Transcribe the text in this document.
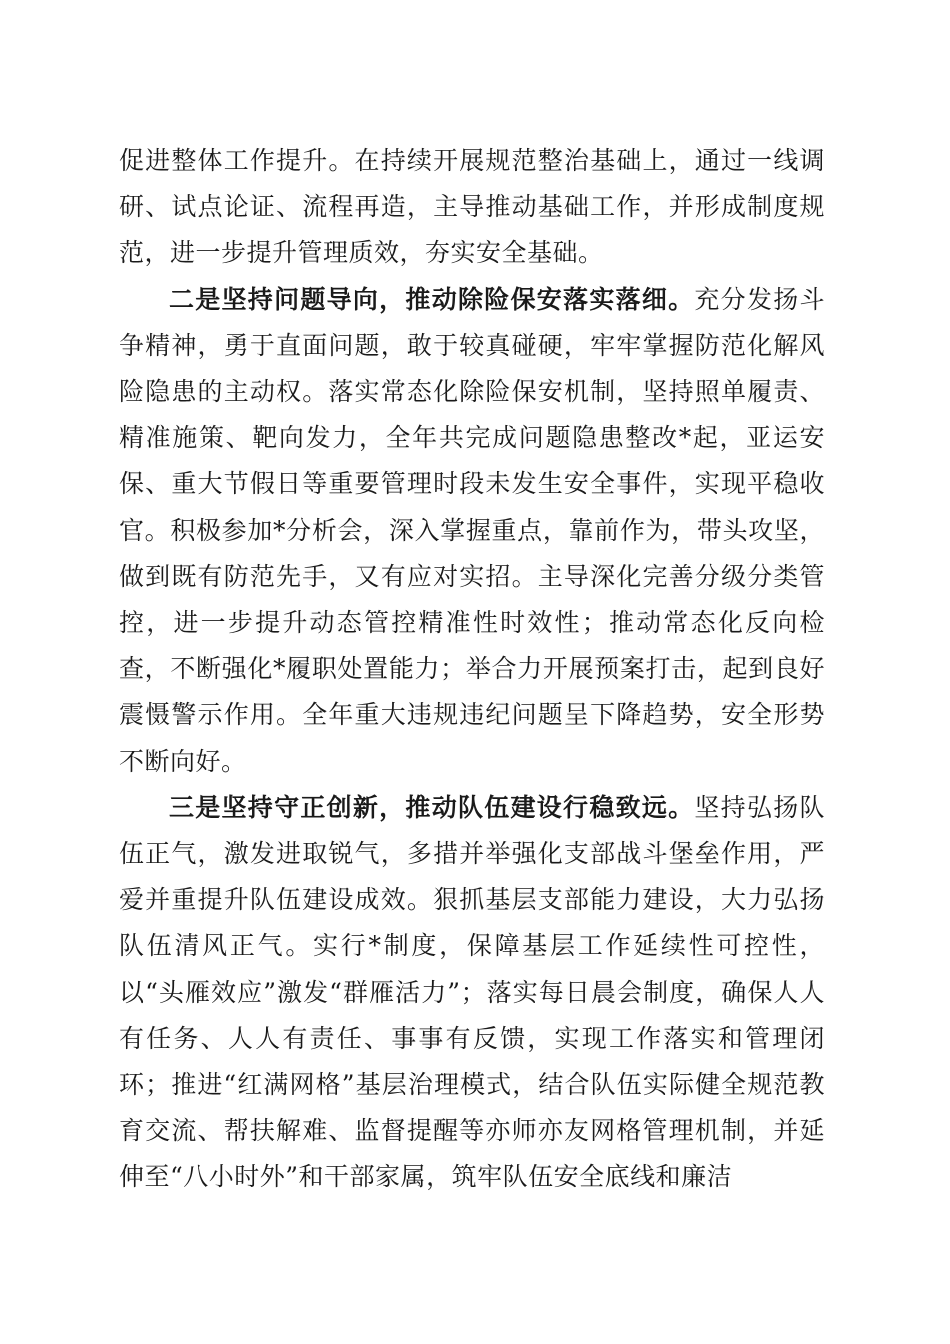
促进整体工作提升。在持续开展规范整治基础上，通过一线调研、试点论证、流程再造，主导推动基础工作，并形成制度规范，进一步提升管理质效，夯实安全基础。

二是坚持问题导向，推动除险保安落实落细。充分发扬斗争精神，勇于直面问题，敢于较真碰硬，牢牢掌握防范化解风险隐患的主动权。落实常态化除险保安机制，坚持照单履责、精准施策、靶向发力，全年共完成问题隐患整改*起，亚运安保、重大节假日等重要管理时段未发生安全事件，实现平稳收官。积极参加*分析会，深入掌握重点，靠前作为，带头攻坚，做到既有防范先手，又有应对实招。主导深化完善分级分类管控，进一步提升动态管控精准性时效性；推动常态化反向检查，不断强化*履职处置能力；举合力开展预案打击，起到良好震慑警示作用。全年重大违规违纪问题呈下降趋势，安全形势不断向好。

三是坚持守正创新，推动队伍建设行稳致远。坚持弘扬队伍正气，激发进取锐气，多措并举强化支部战斗堡垒作用，严爱并重提升队伍建设成效。狠抓基层支部能力建设，大力弘扬队伍清风正气。实行*制度，保障基层工作延续性可控性，以“头雁效应”激发“群雁活力”；落实每日晨会制度，确保人人有任务、人人有责任、事事有反馈，实现工作落实和管理闭环；推进“红满网格”基层治理模式，结合队伍实际健全规范教育交流、帮扶解难、监督提醒等亦师亦友网格管理机制，并延伸至“八小时外”和干部家属，筑牢队伍安全底线和廉洁
